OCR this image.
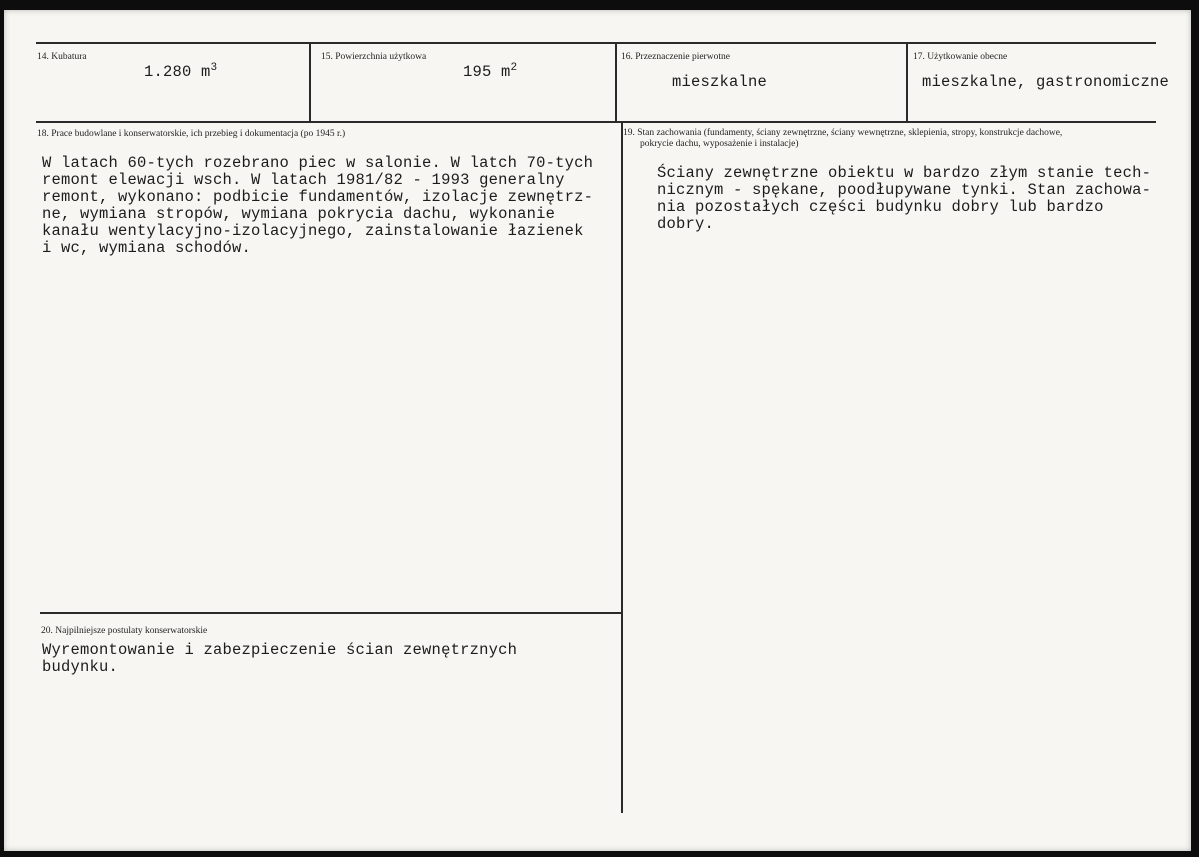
14. Kubatura
1.280 $m^3$
15. Powierzchnia użytkowa
195 $m^2$
16. Przeznaczenie pierwotne
mieszkalne
17. Użytkowanie obecne
mieszkalne, gastronomiczne
18. Prace budowlane i konserwatorskie, ich przebieg i dokumentacja (po 1945 r.)
W latach 60-tych rozebrano piec w salonie. W latch 70-tych
remont elewacji wsch. W latach 1981/82 - 1993 generalny
remont, wykonano: podbicie fundamentów, izolacje zewnętrz-
ne, wymiana stropów, wymiana pokrycia dachu, wykonanie
kanału wentylacyjno-izolacyjnego, zainstalowanie łazienek
i wc, wymiana schodów.
19. Stan zachowania (fundamenty, ściany zewnętrzne, ściany wewnętrzne, sklepienia, stropy, konstrukcje dachowe,
pokrycie dachu, wyposażenie i instalacje)
Ściany zewnętrzne obiektu w bardzo złym stanie tech-
nicznym - spękane, poodłupywane tynki. Stan zachowa-
nia pozostałych części budynku dobry lub bardzo
dobry.
20. Najpilniejsze postulaty konserwatorskie
Wyremontowanie i zabezpieczenie ścian zewnętrznych
budynku.
